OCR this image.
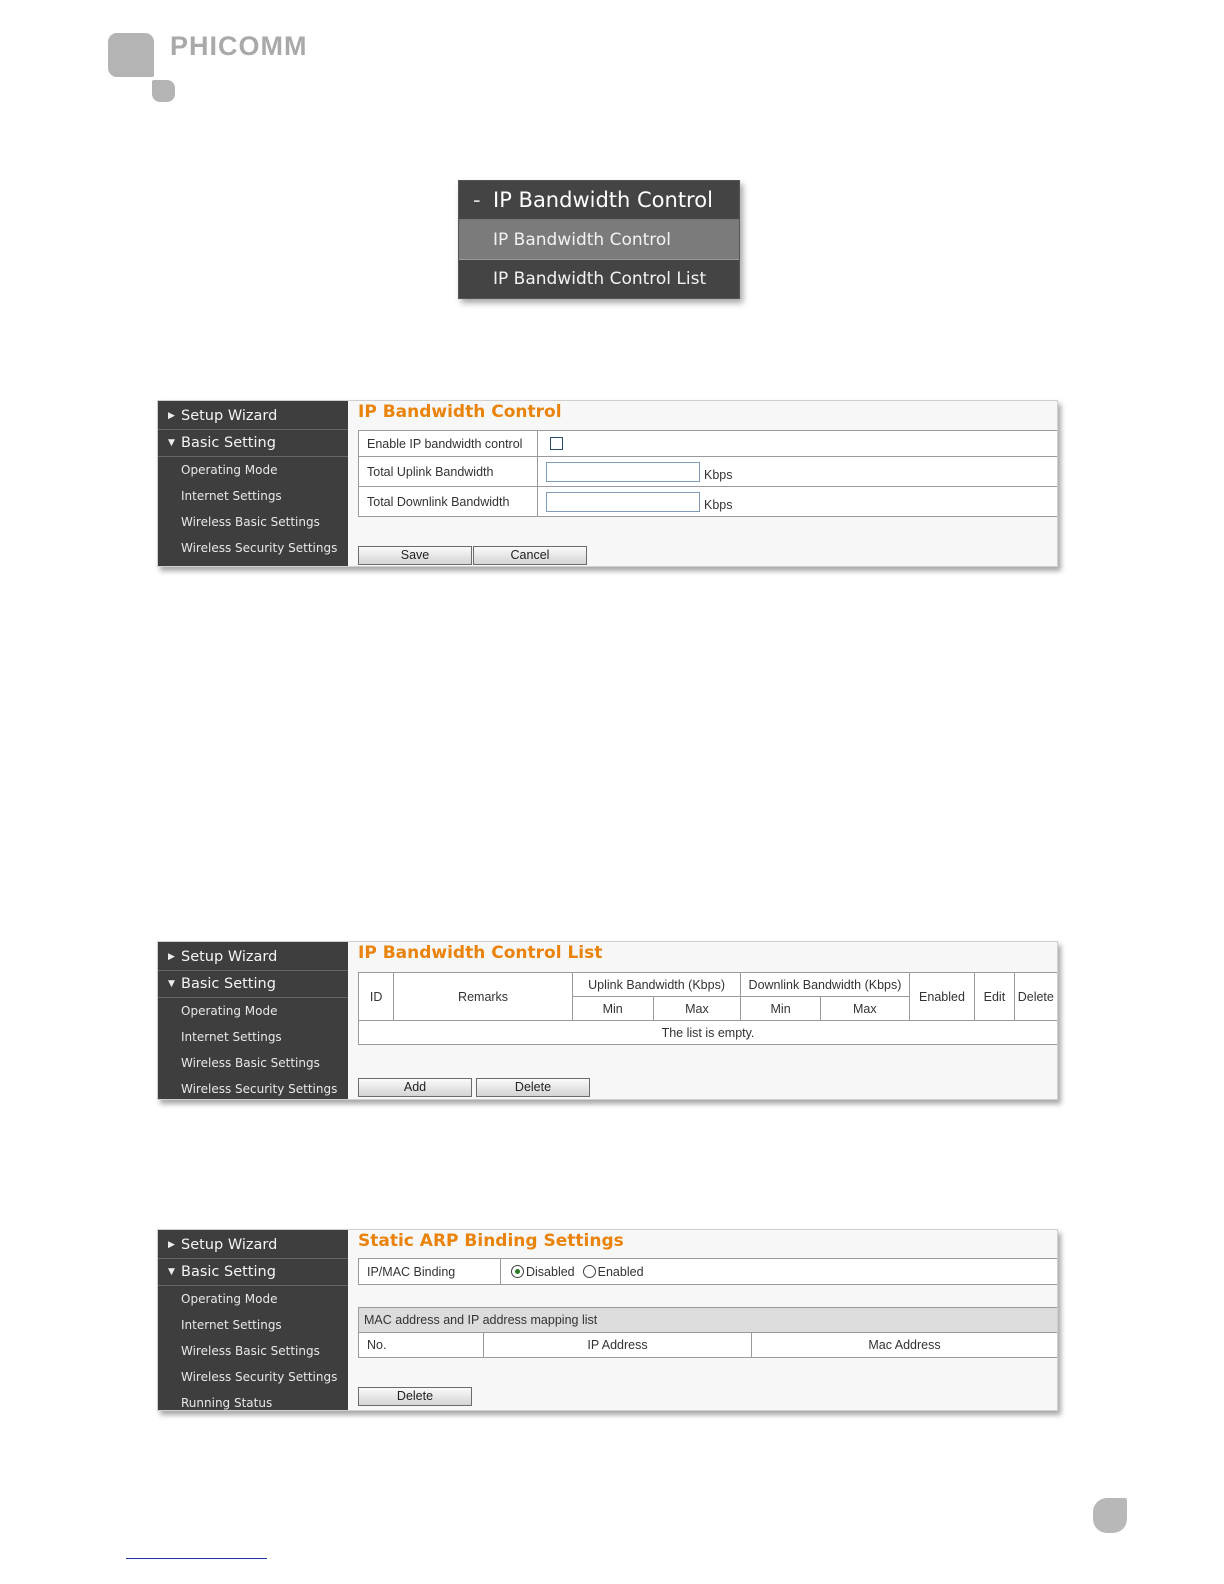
PHICOMM
- IP Bandwidth Control
IP Bandwidth Control
IP Bandwidth Control List
▶ Setup Wizard
▼ Basic Setting
Operating Mode
Internet Settings
Wireless Basic Settings
Wireless Security Settings
IP Bandwidth Control
Enable IP bandwidth control
Total Uplink Bandwidth	Kbps
Total Downlink Bandwidth	Kbps
Save	Cancel
▶ Setup Wizard
▼ Basic Setting
Operating Mode
Internet Settings
Wireless Basic Settings
Wireless Security Settings
IP Bandwidth Control List
ID	Remarks	Uplink Bandwidth (Kbps)		Downlink Bandwidth (Kbps)		Enabled	Edit	Delete
		Min	Max	Min	Max			
The list is empty.								
Add	Delete
▶ Setup Wizard
▼ Basic Setting
Operating Mode
Internet Settings
Wireless Basic Settings
Wireless Security Settings
Running Status
Static ARP Binding Settings
IP/MAC Binding	Disabled Enabled
MAC address and IP address mapping list
No.	IP Address	Mac Address
Delete
